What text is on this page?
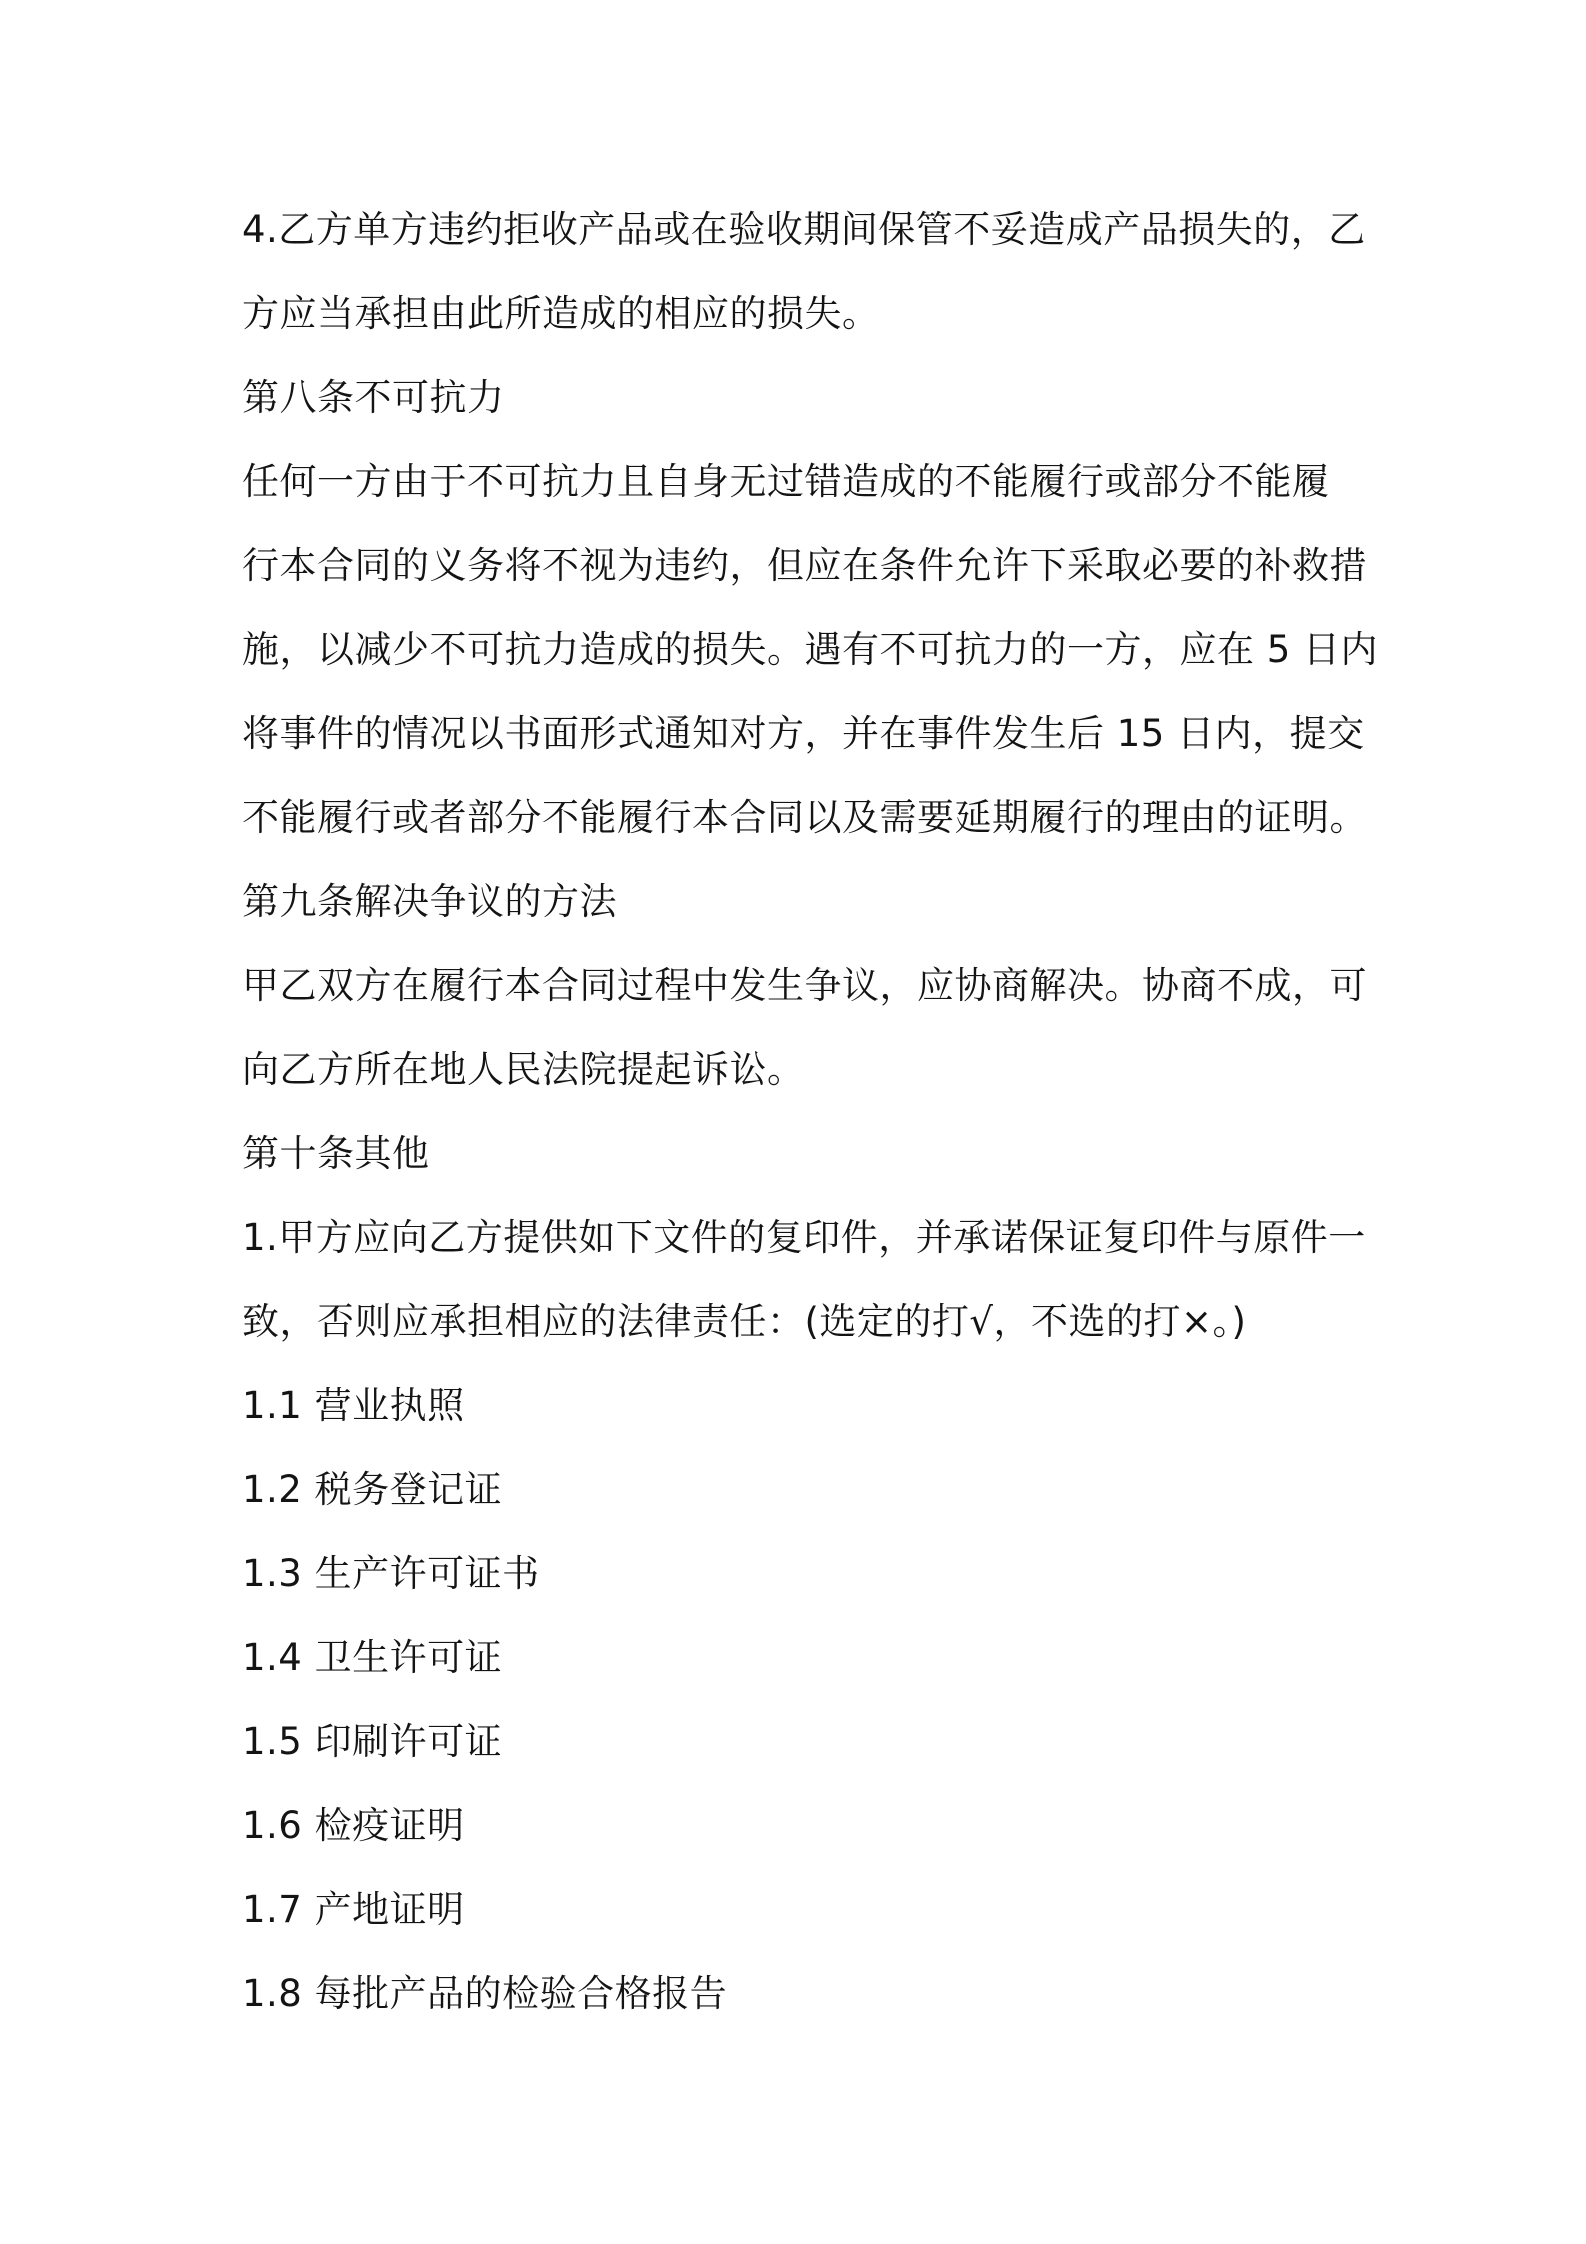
4.乙方单方违约拒收产品或在验收期间保管不妥造成产品损失的，乙
方应当承担由此所造成的相应的损失。
第八条不可抗力
任何一方由于不可抗力且自身无过错造成的不能履行或部分不能履
行本合同的义务将不视为违约，但应在条件允许下采取必要的补救措
施，以减少不可抗力造成的损失。遇有不可抗力的一方，应在 5 日内
将事件的情况以书面形式通知对方，并在事件发生后 15 日内，提交
不能履行或者部分不能履行本合同以及需要延期履行的理由的证明。
第九条解决争议的方法
甲乙双方在履行本合同过程中发生争议，应协商解决。协商不成，可
向乙方所在地人民法院提起诉讼。
第十条其他
1.甲方应向乙方提供如下文件的复印件，并承诺保证复印件与原件一
致，否则应承担相应的法律责任：(选定的打√，不选的打×。)
1.1 营业执照
1.2 税务登记证
1.3 生产许可证书
1.4 卫生许可证
1.5 印刷许可证
1.6 检疫证明
1.7 产地证明
1.8 每批产品的检验合格报告
